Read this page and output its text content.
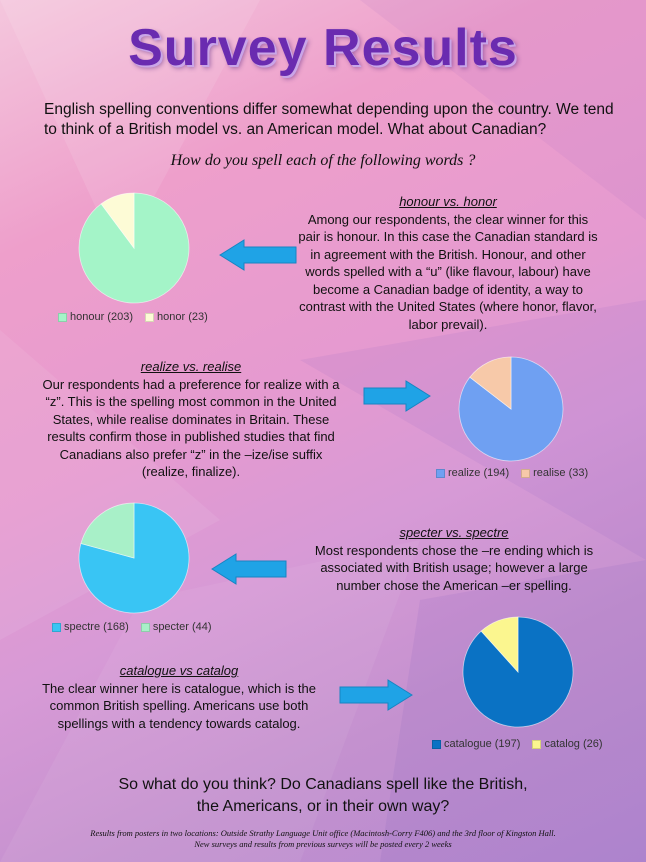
Survey Results
English spelling conventions differ somewhat depending upon the country. We tend to think of a British model vs. an American model. What about Canadian?
How do you spell each of the following words ?
honour (203) honor (23)
honour vs. honor
Among our respondents, the clear winner for this pair is honour. In this case the Canadian standard is in agreement with the British. Honour, and other words spelled with a “u” (like flavour, labour) have become a Canadian badge of identity, a way to contrast with the United States (where honor, flavor, labor prevail).
realize vs. realise
Our respondents had a preference for realize with a “z”. This is the spelling most common in the United States, while realise dominates in Britain. These results confirm those in published studies that find Canadians also prefer “z” in the –ize/ise suffix (realize, finalize).	realize (194) realise (33)
spectre (168) specter (44)
specter vs. spectre
Most respondents chose the –re ending which is associated with British usage; however a large number chose the American –er spelling.
catalogue vs catalog
The clear winner here is catalogue, which is the common British spelling. Americans use both spellings with a tendency towards catalog.
catalogue (197) catalog (26)
So what do you think? Do Canadians spell like the British,
the Americans, or in their own way?
Results from posters in two locations: Outside Strathy Language Unit office (Macintosh-Corry F406) and the 3rd floor of Kingston Hall.
New surveys and results from previous surveys will be posted every 2 weeks
